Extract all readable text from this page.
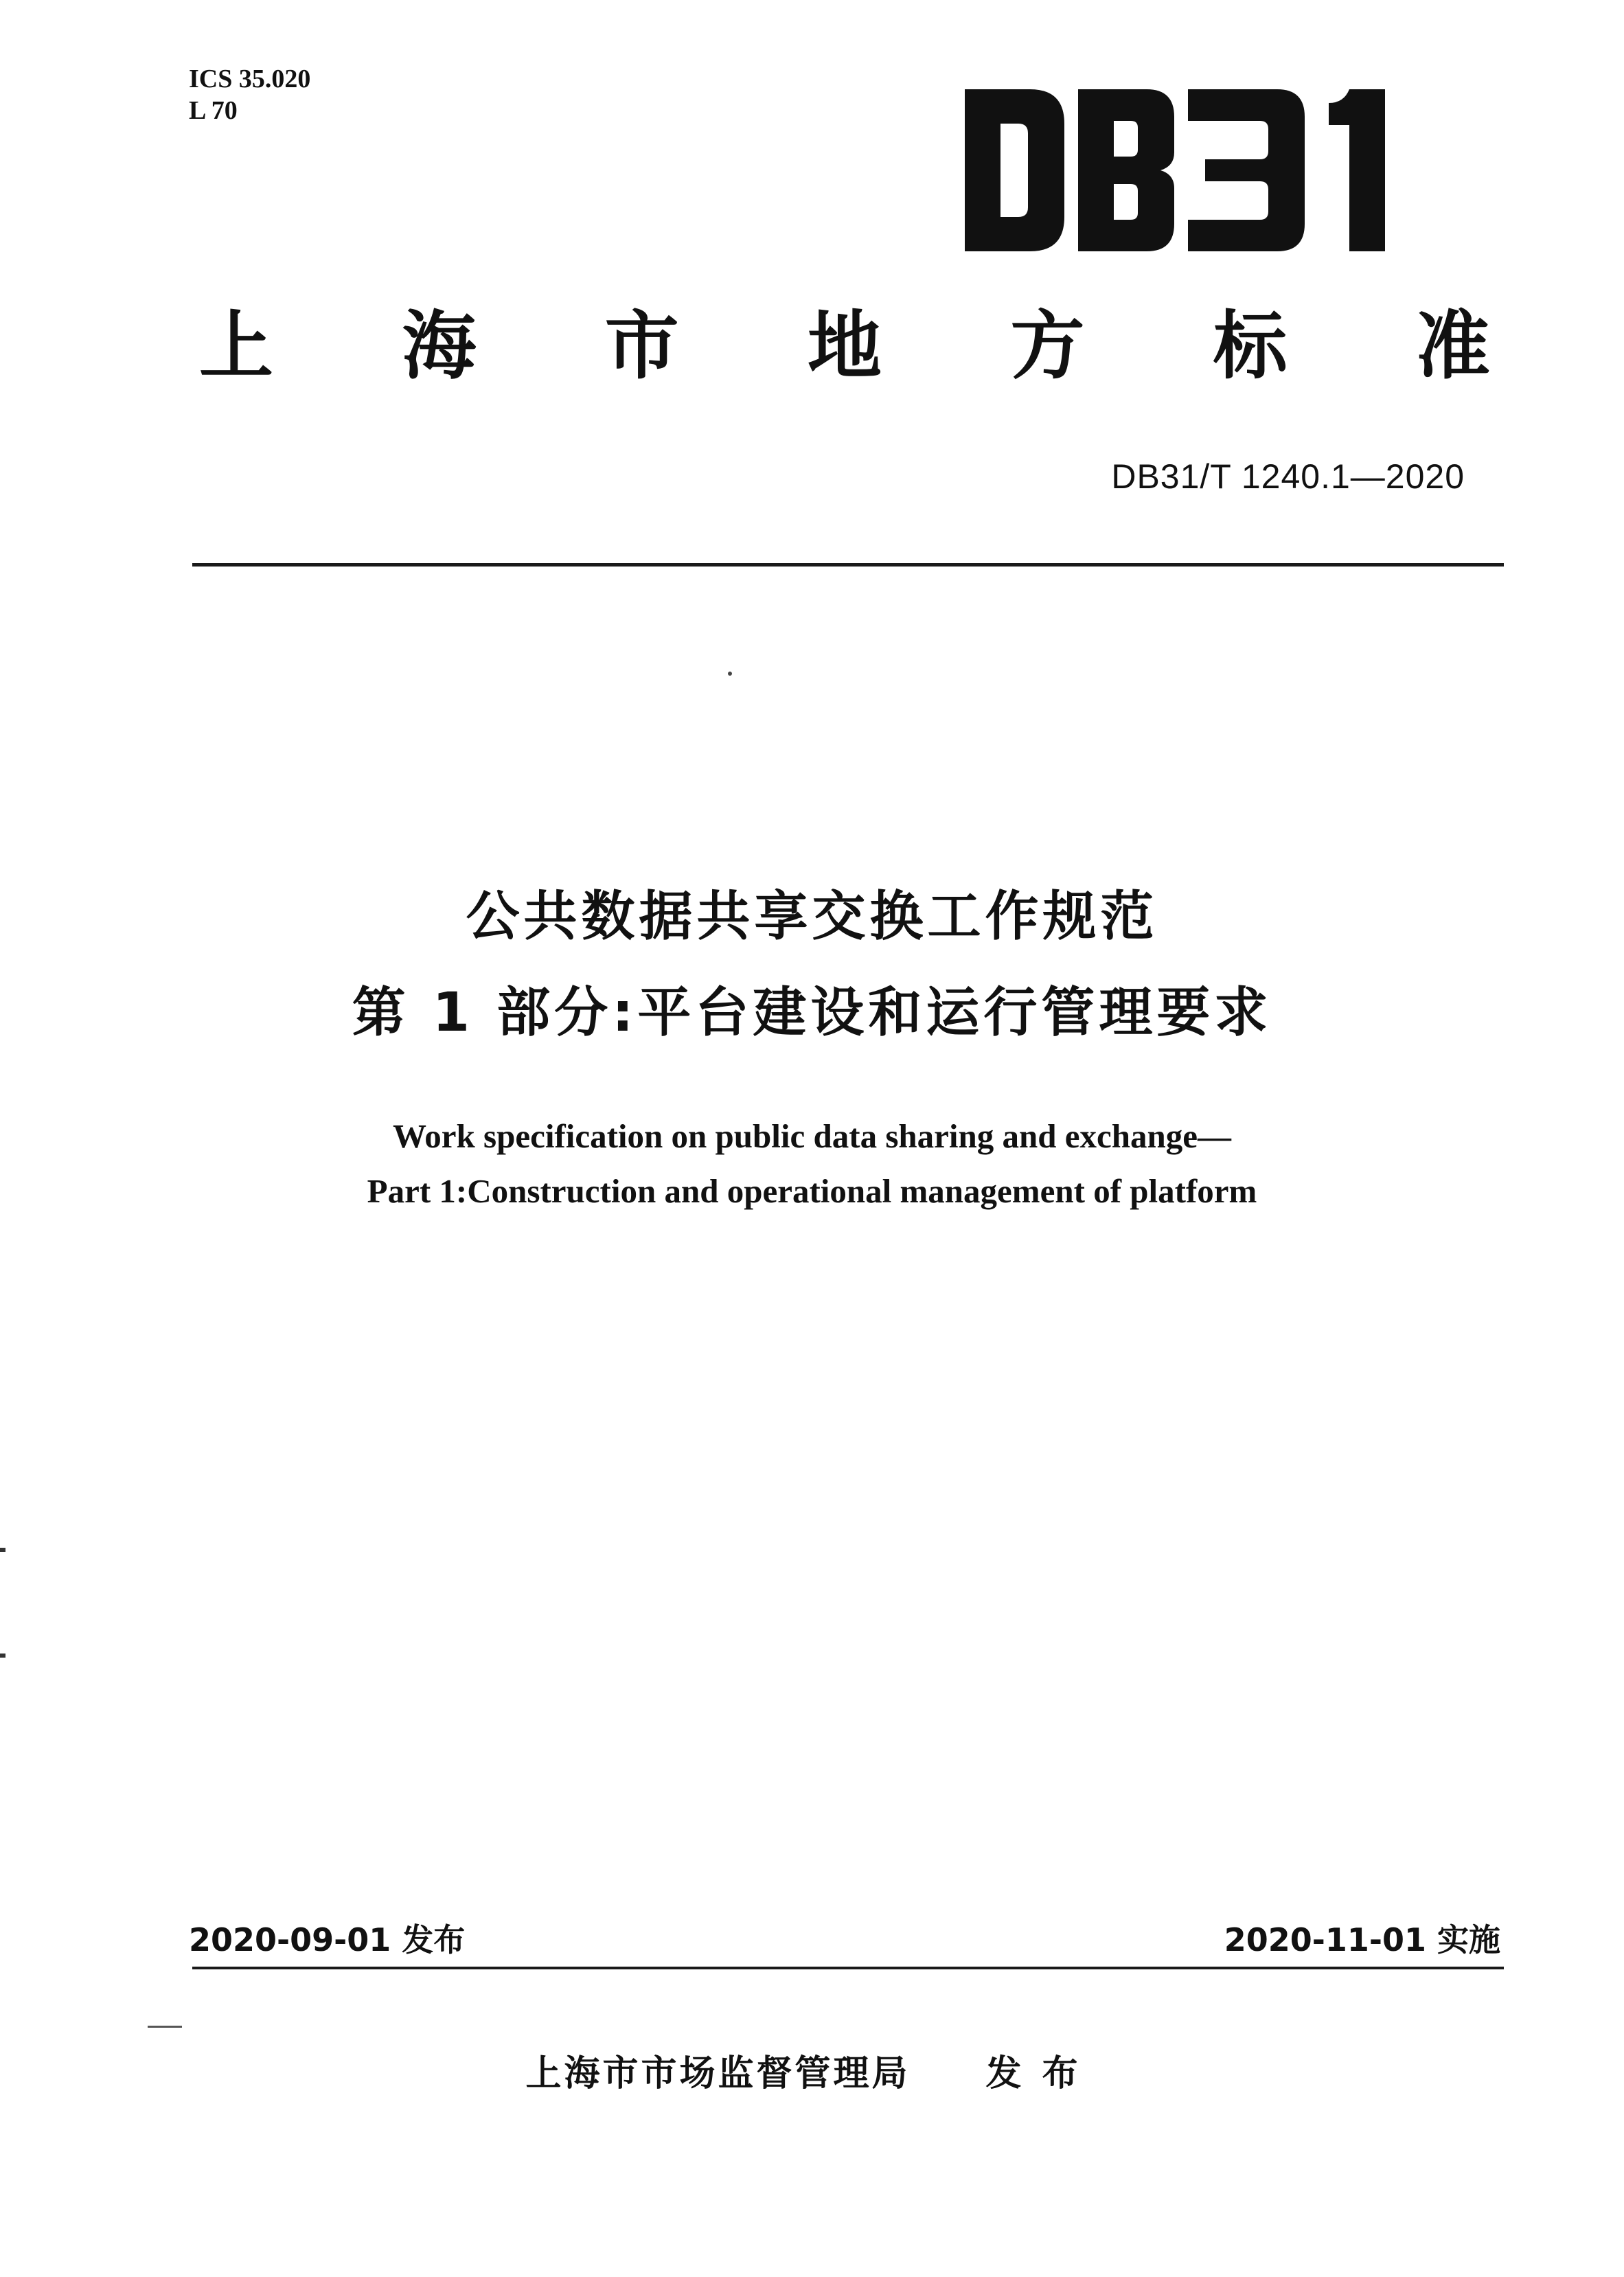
ICS 35.020
L 70
上 海 市 地 方 标 准
DB31/T 1240.1—2020
公共数据共享交换工作规范
第 1 部分:平台建设和运行管理要求
Work specification on public data sharing and exchange—
Part 1:Construction and operational management of platform
2020-09-01 发布	2020-11-01 实施
上海市市场监督管理局 发布
